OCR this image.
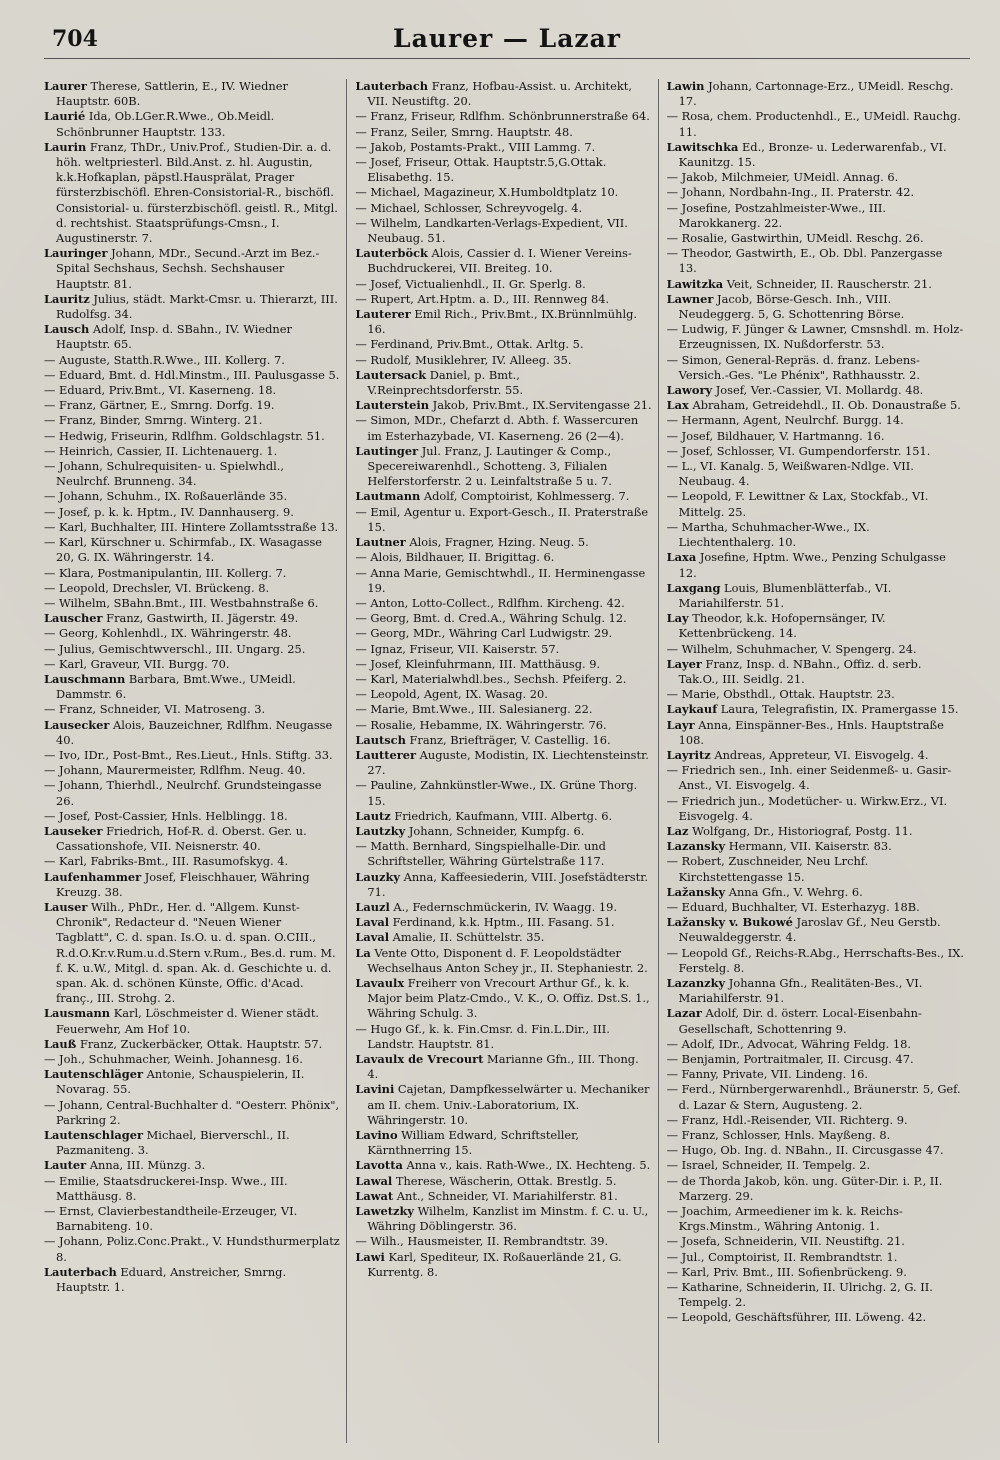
704	Laurer — Lazar

Laurer Therese, Sattlerin, E., IV. Wiedner Hauptstr. 60B.

Laurié Ida, Ob.LGer.R.Wwe., Ob.Meidl. Schönbrunner Hauptstr. 133.

Laurin Franz, ThDr., Univ.Prof., Studien-Dir. a. d. höh. weltpriesterl. Bild.Anst. z. hl. Augustin, k.k.Hofkaplan, päpstl.Hausprälat, Prager fürsterzbischöfl. Ehren-Consistorial-R., bischöfl. Consistorial- u. fürsterzbischöfl. geistl. R., Mitgl. d. rechtshist. Staatsprüfungs-Cmsn., I. Augustinerstr. 7.

Lauringer Johann, MDr., Secund.-Arzt im Bez.-Spital Sechshaus, Sechsh. Sechshauser Hauptstr. 81.

Lauritz Julius, städt. Markt-Cmsr. u. Thierarzt, III. Rudolfsg. 34.

Lausch Adolf, Insp. d. SBahn., IV. Wiedner Hauptstr. 65.

— Auguste, Statth.R.Wwe., III. Kollerg. 7.

— Eduard, Bmt. d. Hdl.Minstm., III. Paulusgasse 5.

— Eduard, Priv.Bmt., VI. Kaserneng. 18.

— Franz, Gärtner, E., Smrng. Dorfg. 19.

— Franz, Binder, Smrng. Winterg. 21.

— Hedwig, Friseurin, Rdlfhm. Goldschlagstr. 51.

— Heinrich, Cassier, II. Lichtenauerg. 1.

— Johann, Schulrequisiten- u. Spielwhdl., Neulrchf. Brunneng. 34.

— Johann, Schuhm., IX. Roßauerlände 35.

— Josef, p. k. k. Hptm., IV. Dannhauserg. 9.

— Karl, Buchhalter, III. Hintere Zollamtsstraße 13.

— Karl, Kürschner u. Schirmfab., IX. Wasagasse 20, G. IX. Währingerstr. 14.

— Klara, Postmanipulantin, III. Kollerg. 7.

— Leopold, Drechsler, VI. Brückeng. 8.

— Wilhelm, SBahn.Bmt., III. Westbahnstraße 6.

Lauscher Franz, Gastwirth, II. Jägerstr. 49.

— Georg, Kohlenhdl., IX. Währingerstr. 48.

— Julius, Gemischtwverschl., III. Ungarg. 25.

— Karl, Graveur, VII. Burgg. 70.

Lauschmann Barbara, Bmt.Wwe., UMeidl. Dammstr. 6.

— Franz, Schneider, VI. Matroseng. 3.

Lausecker Alois, Bauzeichner, Rdlfhm. Neugasse 40.

— Ivo, IDr., Post-Bmt., Res.Lieut., Hnls. Stiftg. 33.

— Johann, Maurermeister, Rdlfhm. Neug. 40.

— Johann, Thierhdl., Neulrchf. Grundsteingasse 26.

— Josef, Post-Cassier, Hnls. Helblingg. 18.

Lauseker Friedrich, Hof-R. d. Oberst. Ger. u. Cassationshofe, VII. Neisnerstr. 40.

— Karl, Fabriks-Bmt., III. Rasumofskyg. 4.

Laufenhammer Josef, Fleischhauer, Währing Kreuzg. 38.

Lauser Wilh., PhDr., Her. d. "Allgem. Kunst-Chronik", Redacteur d. "Neuen Wiener Tagblatt", C. d. span. Is.O. u. d. span. O.CIII., R.d.O.Kr.v.Rum.u.d.Stern v.Rum., Bes.d. rum. M. f. K. u.W., Mitgl. d. span. Ak. d. Geschichte u. d. span. Ak. d. schönen Künste, Offic. d'Acad. franç., III. Strohg. 2.

Lausmann Karl, Löschmeister d. Wiener städt. Feuerwehr, Am Hof 10.

Lauß Franz, Zuckerbäcker, Ottak. Hauptstr. 57.

— Joh., Schuhmacher, Weinh. Johannesg. 16.

Lautenschläger Antonie, Schauspielerin, II. Novarag. 55.

— Johann, Central-Buchhalter d. "Oesterr. Phönix", Parkring 2.

Lautenschlager Michael, Bierverschl., II. Pazmaniteng. 3.

Lauter Anna, III. Münzg. 3.

— Emilie, Staatsdruckerei-Insp. Wwe., III. Matthäusg. 8.

— Ernst, Clavierbestandtheile-Erzeuger, VI. Barnabiteng. 10.

— Johann, Poliz.Conc.Prakt., V. Hundsthurmerplatz 8.

Lauterbach Eduard, Anstreicher, Smrng. Hauptstr. 1.

Lauterbach Franz, Hofbau-Assist. u. Architekt, VII. Neustiftg. 20.

— Franz, Friseur, Rdlfhm. Schönbrunnerstraße 64.

— Franz, Seiler, Smrng. Hauptstr. 48.

— Jakob, Postamts-Prakt., VIII Lammg. 7.

— Josef, Friseur, Ottak. Hauptstr.5,G.Ottak. Elisabethg. 15.

— Michael, Magazineur, X.Humboldtplatz 10.

— Michael, Schlosser, Schreyvogelg. 4.

— Wilhelm, Landkarten-Verlags-Expedient, VII. Neubaug. 51.

Lauterböck Alois, Cassier d. I. Wiener Vereins-Buchdruckerei, VII. Breiteg. 10.

— Josef, Victualienhdl., II. Gr. Sperlg. 8.

— Rupert, Art.Hptm. a. D., III. Rennweg 84.

Lauterer Emil Rich., Priv.Bmt., IX.Brünnlmühlg. 16.

— Ferdinand, Priv.Bmt., Ottak. Arltg. 5.

— Rudolf, Musiklehrer, IV. Alleeg. 35.

Lautersack Daniel, p. Bmt., V.Reinprechtsdorferstr. 55.

Lauterstein Jakob, Priv.Bmt., IX.Servitengasse 21.

— Simon, MDr., Chefarzt d. Abth. f. Wassercuren im Esterhazybade, VI. Kaserneng. 26 (2—4).

Lautinger Jul. Franz, J. Lautinger & Comp., Specereiwarenhdl., Schotteng. 3, Filialen Helferstorferstr. 2 u. Leinfaltstraße 5 u. 7.

Lautmann Adolf, Comptoirist, Kohlmesserg. 7.

— Emil, Agentur u. Export-Gesch., II. Praterstraße 15.

Lautner Alois, Fragner, Hzing. Neug. 5.

— Alois, Bildhauer, II. Brigittag. 6.

— Anna Marie, Gemischtwhdl., II. Herminengasse 19.

— Anton, Lotto-Collect., Rdlfhm. Kircheng. 42.

— Georg, Bmt. d. Cred.A., Währing Schulg. 12.

— Georg, MDr., Währing Carl Ludwigstr. 29.

— Ignaz, Friseur, VII. Kaiserstr. 57.

— Josef, Kleinfuhrmann, III. Matthäusg. 9.

— Karl, Materialwhdl.bes., Sechsh. Pfeiferg. 2.

— Leopold, Agent, IX. Wasag. 20.

— Marie, Bmt.Wwe., III. Salesianerg. 22.

— Rosalie, Hebamme, IX. Währingerstr. 76.

Lautsch Franz, Briefträger, V. Castellig. 16.

Lautterer Auguste, Modistin, IX. Liechtensteinstr. 27.

— Pauline, Zahnkünstler-Wwe., IX. Grüne Thorg. 15.

Lautz Friedrich, Kaufmann, VIII. Albertg. 6.

Lautzky Johann, Schneider, Kumpfg. 6.

— Matth. Bernhard, Singspielhalle-Dir. und Schriftsteller, Währing Gürtelstraße 117.

Lauzky Anna, Kaffeesiederin, VIII. Josefstädterstr. 71.

Lauzl A., Federnschmückerin, IV. Waagg. 19.

Laval Ferdinand, k.k. Hptm., III. Fasang. 51.

Laval Amalie, II. Schüttelstr. 35.

La Vente Otto, Disponent d. F. Leopoldstädter Wechselhaus Anton Schey jr., II. Stephaniestr. 2.

Lavaulx Freiherr von Vrecourt Arthur Gf., k. k. Major beim Platz-Cmdo., V. K., O. Offiz. Dst.S. 1., Währing Schulg. 3.

— Hugo Gf., k. k. Fin.Cmsr. d. Fin.L.Dir., III. Landstr. Hauptstr. 81.

Lavaulx de Vrecourt Marianne Gfn., III. Thong. 4.

Lavini Cajetan, Dampfkesselwärter u. Mechaniker am II. chem. Univ.-Laboratorium, IX. Währingerstr. 10.

Lavino William Edward, Schriftsteller, Kärnthnerring 15.

Lavotta Anna v., kais. Rath-Wwe., IX. Hechteng. 5.

Lawal Therese, Wäscherin, Ottak. Brestlg. 5.

Lawat Ant., Schneider, VI. Mariahilferstr. 81.

Lawetzky Wilhelm, Kanzlist im Minstm. f. C. u. U., Währing Döblingerstr. 36.

— Wilh., Hausmeister, II. Rembrandtstr. 39.

Lawi Karl, Spediteur, IX. Roßauerlände 21, G. Kurrentg. 8.

Lawin Johann, Cartonnage-Erz., UMeidl. Reschg. 17.

— Rosa, chem. Productenhdl., E., UMeidl. Rauchg. 11.

Lawitschka Ed., Bronze- u. Lederwarenfab., VI. Kaunitzg. 15.

— Jakob, Milchmeier, UMeidl. Annag. 6.

— Johann, Nordbahn-Ing., II. Praterstr. 42.

— Josefine, Postzahlmeister-Wwe., III. Marokkanerg. 22.

— Rosalie, Gastwirthin, UMeidl. Reschg. 26.

— Theodor, Gastwirth, E., Ob. Dbl. Panzergasse 13.

Lawitzka Veit, Schneider, II. Rauscherstr. 21.

Lawner Jacob, Börse-Gesch. Inh., VIII. Neudeggerg. 5, G. Schottenring Börse.

— Ludwig, F. Jünger & Lawner, Cmsnshdl. m. Holz-Erzeugnissen, IX. Nußdorferstr. 53.

— Simon, General-Repräs. d. franz. Lebens-Versich.-Ges. "Le Phénix", Rathhausstr. 2.

Lawory Josef, Ver.-Cassier, VI. Mollardg. 48.

Lax Abraham, Getreidehdl., II. Ob. Donaustraße 5.

— Hermann, Agent, Neulrchf. Burgg. 14.

— Josef, Bildhauer, V. Hartmanng. 16.

— Josef, Schlosser, VI. Gumpendorferstr. 151.

— L., VI. Kanalg. 5, Weißwaren-Ndlge. VII. Neubaug. 4.

— Leopold, F. Lewittner & Lax, Stockfab., VI. Mittelg. 25.

— Martha, Schuhmacher-Wwe., IX. Liechtenthalerg. 10.

Laxa Josefine, Hptm. Wwe., Penzing Schulgasse 12.

Laxgang Louis, Blumenblätterfab., VI. Mariahilferstr. 51.

Lay Theodor, k.k. Hofopernsänger, IV. Kettenbrückeng. 14.

— Wilhelm, Schuhmacher, V. Spengerg. 24.

Layer Franz, Insp. d. NBahn., Offiz. d. serb. Tak.O., III. Seidlg. 21.

— Marie, Obsthdl., Ottak. Hauptstr. 23.

Laykauf Laura, Telegrafistin, IX. Pramergasse 15.

Layr Anna, Einspänner-Bes., Hnls. Hauptstraße 108.

Layritz Andreas, Appreteur, VI. Eisvogelg. 4.

— Friedrich sen., Inh. einer Seidenmeß- u. Gasir-Anst., VI. Eisvogelg. 4.

— Friedrich jun., Modetücher- u. Wirkw.Erz., VI. Eisvogelg. 4.

Laz Wolfgang, Dr., Historiograf, Postg. 11.

Lazansky Hermann, VII. Kaiserstr. 83.

— Robert, Zuschneider, Neu Lrchf. Kirchstettengasse 15.

Lažansky Anna Gfn., V. Wehrg. 6.

— Eduard, Buchhalter, VI. Esterhazyg. 18B.

Lažansky v. Bukowé Jaroslav Gf., Neu Gerstb. Neuwaldeggerstr. 4.

— Leopold Gf., Reichs-R.Abg., Herrschafts-Bes., IX. Ferstelg. 8.

Lazanzky Johanna Gfn., Realitäten-Bes., VI. Mariahilferstr. 91.

Lazar Adolf, Dir. d. österr. Local-Eisenbahn-Gesellschaft, Schottenring 9.

— Adolf, IDr., Advocat, Währing Feldg. 18.

— Benjamin, Portraitmaler, II. Circusg. 47.

— Fanny, Private, VII. Lindeng. 16.

— Ferd., Nürnbergerwarenhdl., Bräunerstr. 5, Gef. d. Lazar & Stern, Augusteng. 2.

— Franz, Hdl.-Reisender, VII. Richterg. 9.

— Franz, Schlosser, Hnls. Mayßeng. 8.

— Hugo, Ob. Ing. d. NBahn., II. Circusgasse 47.

— Israel, Schneider, II. Tempelg. 2.

— de Thorda Jakob, kön. ung. Güter-Dir. i. P., II. Marzerg. 29.

— Joachim, Armeediener im k. k. Reichs-Krgs.Minstm., Währing Antonig. 1.

— Josefa, Schneiderin, VII. Neustiftg. 21.

— Jul., Comptoirist, II. Rembrandtstr. 1.

— Karl, Priv. Bmt., III. Sofienbrückeng. 9.

— Katharine, Schneiderin, II. Ulrichg. 2, G. II. Tempelg. 2.

— Leopold, Geschäftsführer, III. Löweng. 42.
